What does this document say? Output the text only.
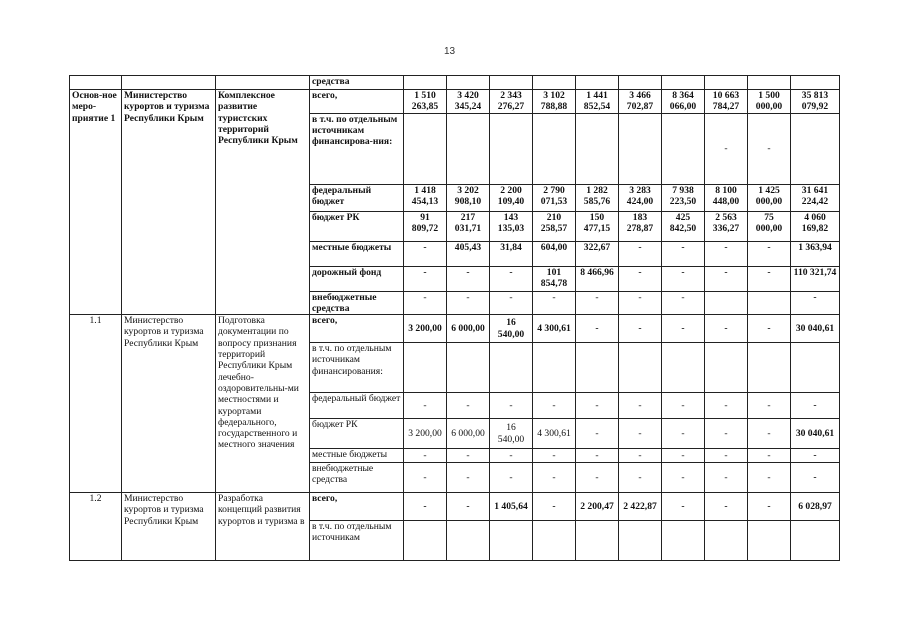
13
			средства										
Основ-ное меро-приятие 1	Министерство курортов и туризма Республики Крым	Комплексное развитие туристских территорий Республики Крым	всего,	1 510 263,85	3 420 345,24	2 343 276,27	3 102 788,88	1 441 852,54	3 466 702,87	8 364 066,00	10 663 784,27	1 500 000,00	35 813 079,92
			в т.ч. по отдельным источникам финансирова-ния:								-	-	
			федеральный бюджет	1 418 454,13	3 202 908,10	2 200 109,40	2 790 071,53	1 282 585,76	3 283 424,00	7 938 223,50	8 100 448,00	1 425 000,00	31 641 224,42
			бюджет РК	91 809,72	217 031,71	143 135,03	210 258,57	150 477,15	183 278,87	425 842,50	2 563 336,27	75 000,00	4 060 169,82
			местные бюджеты	-	405,43	31,84	604,00	322,67	-	-	-	-	1 363,94
			дорожный фонд	-	-	-	101 854,78	8 466,96	-	-	-	-	110 321,74
			внебюджетные средства	-	-	-	-	-	-	-			-
1.1	Министерство курортов и туризма Республики Крым	Подготовка документации по вопросу признания территорий Республики Крым лечебно-оздоровительны-ми местностями и курортами федерального, государственного и местного значения	всего,	3 200,00	6 000,00	16 540,00	4 300,61	-	-	-	-	-	30 040,61
			в т.ч. по отдельным источникам финансирования:										
			федеральный бюджет	-	-	-	-	-	-	-	-	-	-
			бюджет РК	3 200,00	6 000,00	16 540,00	4 300,61	-	-	-	-	-	30 040,61
			местные бюджеты	-	-	-	-	-	-	-	-	-	-
			внебюджетные средства	-	-	-	-	-	-	-	-	-	-
1.2	Министерство курортов и туризма Республики Крым	Разработка концепций развития курортов и туризма в	всего,	-	-	1 405,64	-	2 200,47	2 422,87	-	-	-	6 028,97
			в т.ч. по отдельным источникам										
